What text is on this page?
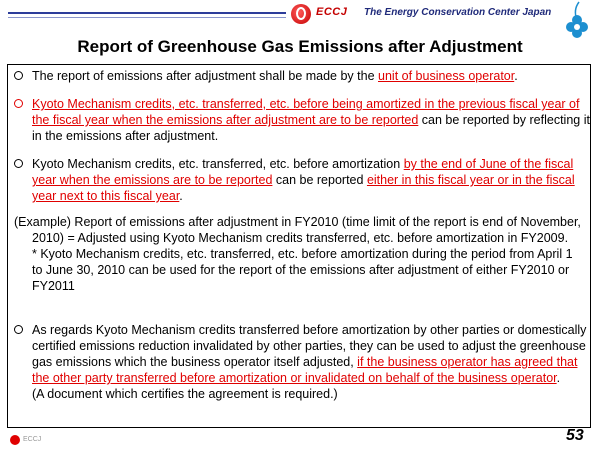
ECCJ The Energy Conservation Center Japan
Report of Greenhouse Gas Emissions after Adjustment
The report of emissions after adjustment shall be made by the unit of business operator.
Kyoto Mechanism credits, etc. transferred, etc. before being amortized in the previous fiscal year of the fiscal year when the emissions after adjustment are to be reported can be reported by reflecting it in the emissions after adjustment.
Kyoto Mechanism credits, etc. transferred, etc. before amortization by the end of June of the fiscal year when the emissions are to be reported can be reported either in this fiscal year or in the fiscal year next to this fiscal year.
(Example) Report of emissions after adjustment in FY2010 (time limit of the report is end of November, 2010) = Adjusted using Kyoto Mechanism credits transferred, etc. before amortization in FY2009.
* Kyoto Mechanism credits, etc. transferred, etc. before amortization during the period from April 1 to June 30, 2010 can be used for the report of the emissions after adjustment of either FY2010 or FY2011
As regards Kyoto Mechanism credits transferred before amortization by other parties or domestically certified emissions reduction invalidated by other parties, they can be used to adjust the greenhouse gas emissions which the business operator itself adjusted, if the business operator has agreed that the other party transferred before amortization or invalidated on behalf of the business operator.
(A document which certifies the agreement is required.)
ECCJ	53
